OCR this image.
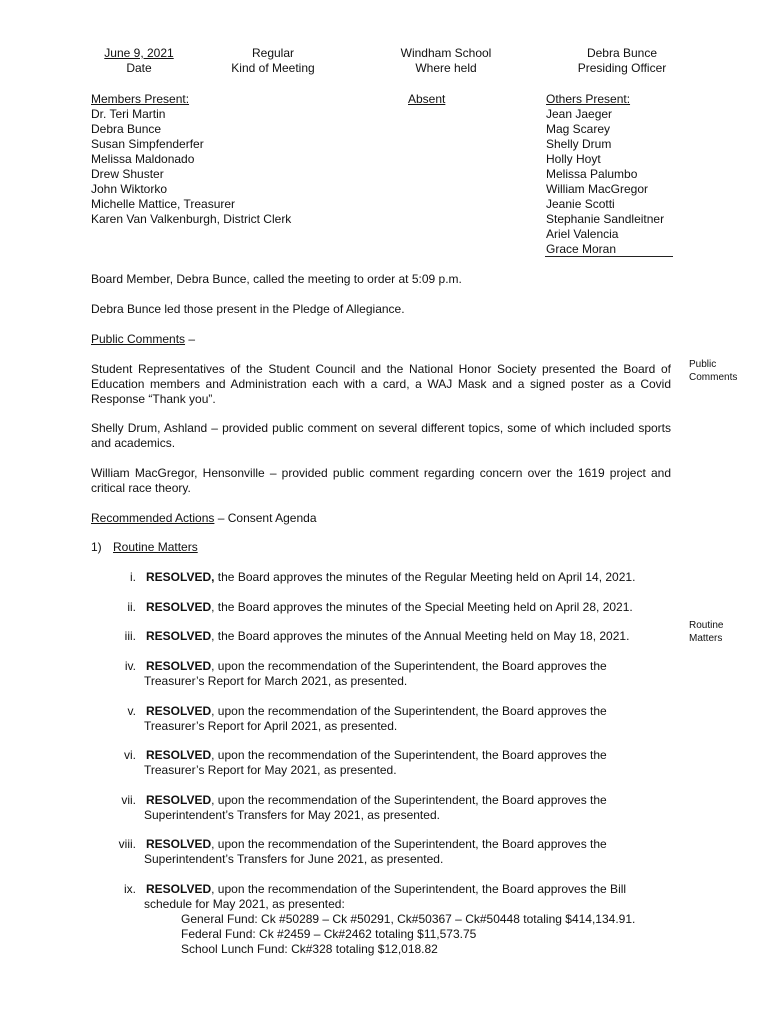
June 9, 2021
Date
Regular
Kind of Meeting
Windham School
Where held
Debra Bunce
Presiding Officer
Members Present:
Dr. Teri Martin
Debra Bunce
Susan Simpfenderfer
Melissa Maldonado
Drew Shuster
John Wiktorko
Michelle Mattice, Treasurer
Karen Van Valkenburgh, District Clerk
Absent	Others Present:
Jean Jaeger
Mag Scarey
Shelly Drum
Holly Hoyt
Melissa Palumbo
William MacGregor
Jeanie Scotti
Stephanie Sandleitner
Ariel Valencia
Grace Moran
Board Member, Debra Bunce, called the meeting to order at 5:09 p.m.
Debra Bunce led those present in the Pledge of Allegiance.
Public Comments –
Student Representatives of the Student Council and the National Honor Society presented the Board of Education members and Administration each with a card, a WAJ Mask and a signed poster as a Covid Response “Thank you”.
Public Comments
Shelly Drum, Ashland – provided public comment on several different topics, some of which included sports and academics.
William MacGregor, Hensonville – provided public comment regarding concern over the 1619 project and critical race theory.
Recommended Actions – Consent Agenda
1) Routine Matters
Routine Matters
i. RESOLVED, the Board approves the minutes of the Regular Meeting held on April 14, 2021.
ii. RESOLVED, the Board approves the minutes of the Special Meeting held on April 28, 2021.
iii. RESOLVED, the Board approves the minutes of the Annual Meeting held on May 18, 2021.
iv. RESOLVED, upon the recommendation of the Superintendent, the Board approves the
Treasurer’s Report for March 2021, as presented.
v. RESOLVED, upon the recommendation of the Superintendent, the Board approves the
Treasurer’s Report for April 2021, as presented.
vi. RESOLVED, upon the recommendation of the Superintendent, the Board approves the
Treasurer’s Report for May 2021, as presented.
vii. RESOLVED, upon the recommendation of the Superintendent, the Board approves the
Superintendent’s Transfers for May 2021, as presented.
viii. RESOLVED, upon the recommendation of the Superintendent, the Board approves the
Superintendent’s Transfers for June 2021, as presented.
ix. RESOLVED, upon the recommendation of the Superintendent, the Board approves the Bill
schedule for May 2021, as presented:
General Fund: Ck #50289 – Ck #50291, Ck#50367 – Ck#50448 totaling $414,134.91.
Federal Fund: Ck #2459 – Ck#2462 totaling $11,573.75
School Lunch Fund: Ck#328 totaling $12,018.82
